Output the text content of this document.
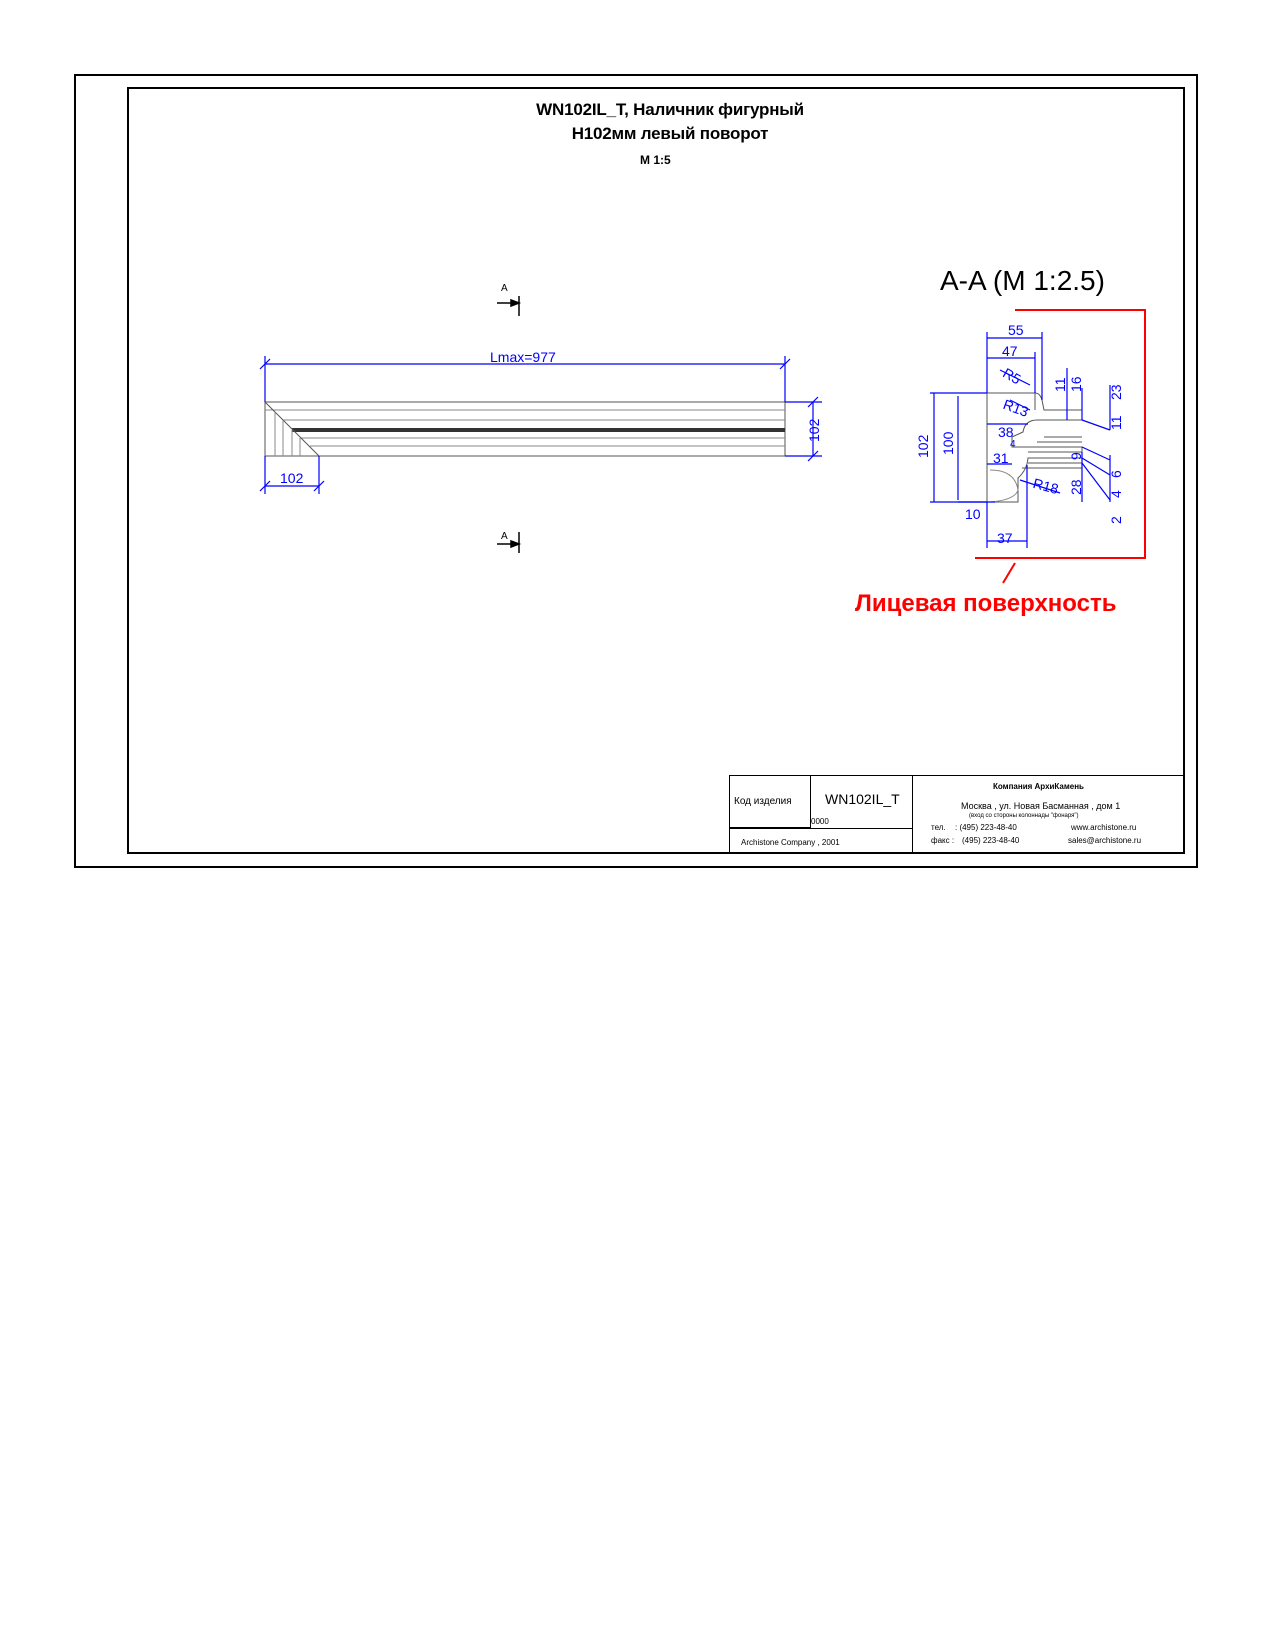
WN102IL_T, Наличник фигурный
H102мм левый поворот
M 1:5
Lmax=977
102
102
A
A
A-A (M 1:2.5)
Лицевая поверхность
55
47
R5 11 16
R13
23
11
38
4
102 100
31	9
R18 28
6
4
2
10
37
Код изделия WN102IL_T
0000
Archistone Company , 2001
Компания АрхиКамень
Москва , ул. Новая Басманная , дом 1
(вход со стороны колоннады "фонаря")
тел. : (495) 223-48-40
факс : (495) 223-48-40
www.archistone.ru
sales@archistone.ru
